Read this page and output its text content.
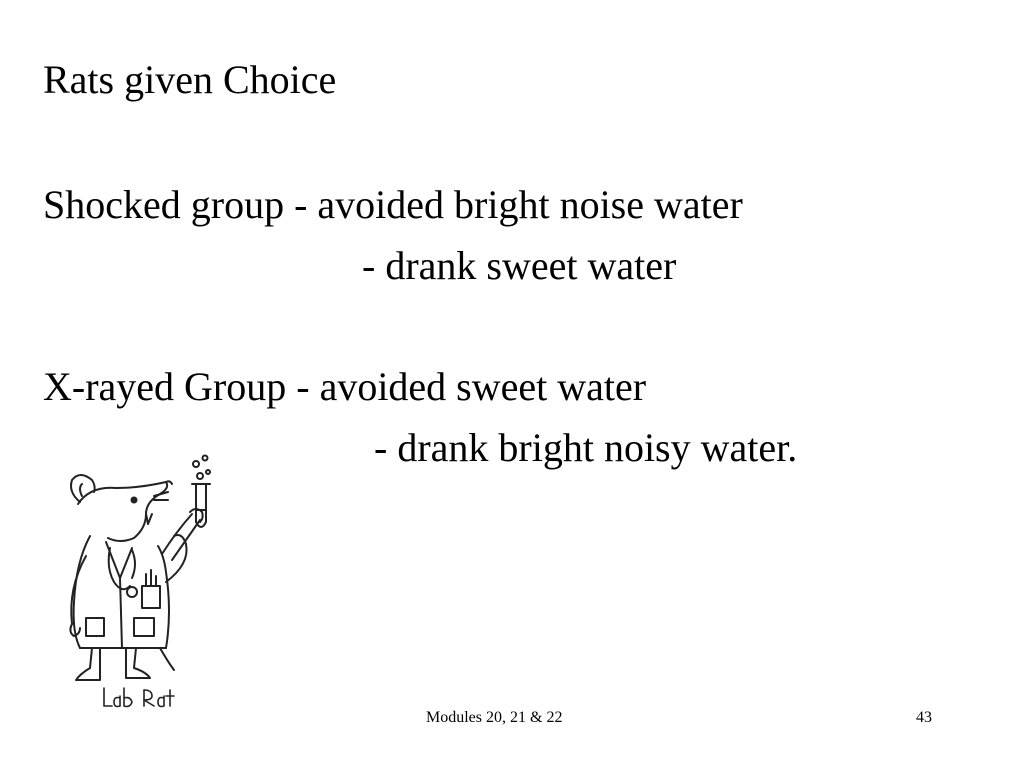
Rats given Choice
Shocked group - avoided bright noise water
- drank sweet water
X-rayed Group - avoided sweet water
- drank bright noisy water.
Modules 20, 21 & 22	43
